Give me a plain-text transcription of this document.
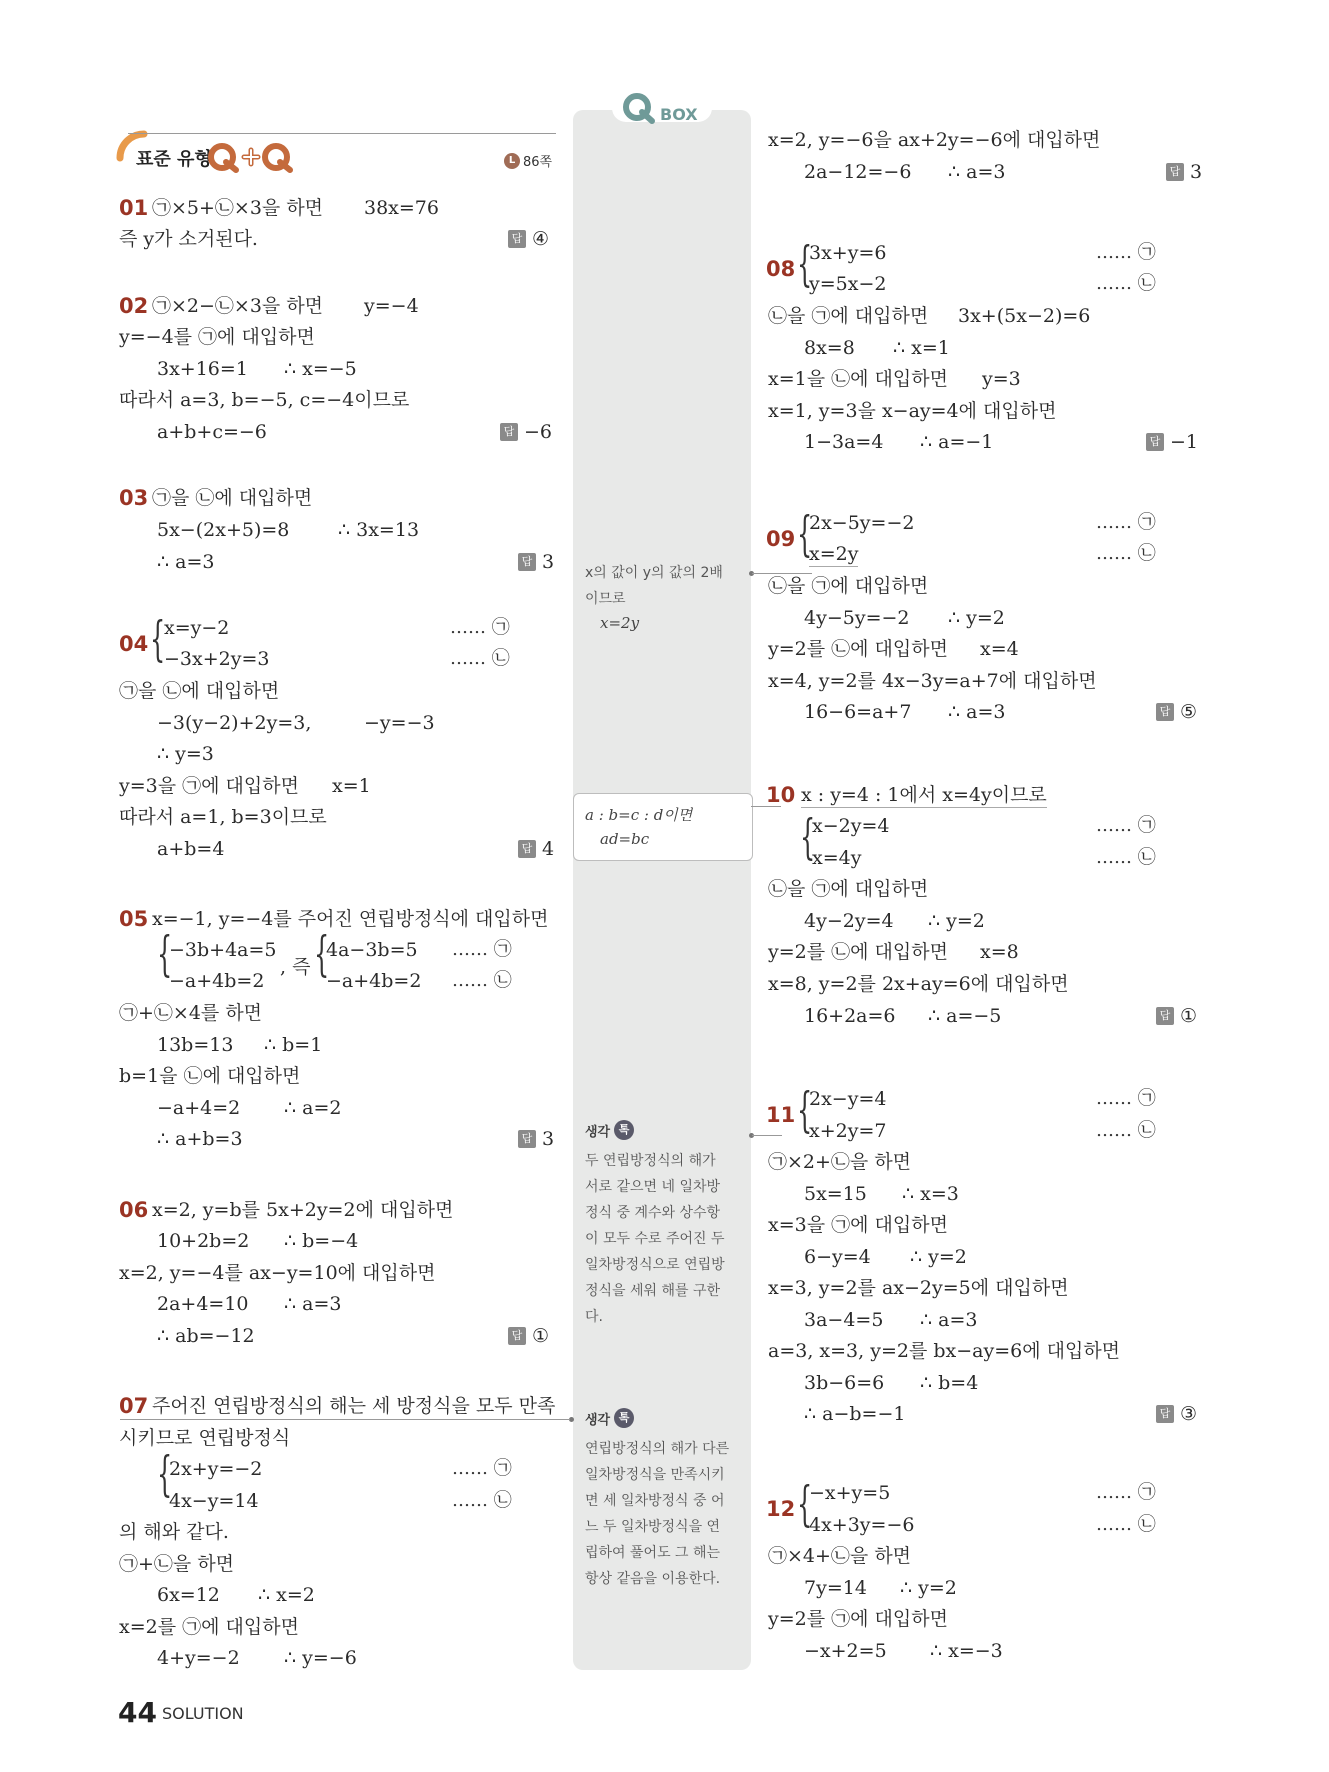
표준 유형	L 86쪽
BOX
x의 값이 y의 값의 2배
이므로
x=2y
a : b=c : d이면
ad=bc
생각 톡
두 연립방정식의 해가
서로 같으면 네 일차방
정식 중 계수와 상수항
이 모두 수로 주어진 두
일차방정식으로 연립방
정식을 세워 해를 구한
다.
생각 톡
연립방정식의 해가 다른
일차방정식을 만족시키
면 세 일차방정식 중 어
느 두 일차방정식을 연
립하여 풀어도 그 해는
항상 같음을 이용한다.
01 ㉠×5+㉡×3을 하면 38x=76
즉 y가 소거된다.	답 ④
02 ㉠×2−㉡×3을 하면 y=−4
y=−4를 ㉠에 대입하면
3x+16=1 ∴ x=−5
따라서 a=3, b=−5, c=−4이므로
a+b+c=−6	답 −6
03 ㉠을 ㉡에 대입하면
5x−(2x+5)=8	∴ 3x=13
∴ a=3	답 3
04 {
x=y−2
−3x+2y=3
…… ㉠
…… ㉡
㉠을 ㉡에 대입하면
−3(y−2)+2y=3,	−y=−3
∴ y=3
y=3을 ㉠에 대입하면 x=1
따라서 a=1, b=3이므로
a+b=4	답 4
05 x=−1, y=−4를 주어진 연립방정식에 대입하면
{
−3b+4a=5
−a+4b=2
, 즉 {
4a−3b=5
−a+4b=2
…… ㉠
…… ㉡
㉠+㉡×4를 하면
13b=13 ∴ b=1
b=1을 ㉡에 대입하면
−a+4=2 ∴ a=2
∴ a+b=3	답 3
06 x=2, y=b를 5x+2y=2에 대입하면
10+2b=2 ∴ b=−4
x=2, y=−4를 ax−y=10에 대입하면
2a+4=10 ∴ a=3
∴ ab=−12	답 ①
07 주어진 연립방정식의 해는 세 방정식을 모두 만족
시키므로 연립방정식
{
2x+y=−2
4x−y=14
…… ㉠
…… ㉡
의 해와 같다.
㉠+㉡을 하면
6x=12 ∴ x=2
x=2를 ㉠에 대입하면
4+y=−2 ∴ y=−6
x=2, y=−6을 ax+2y=−6에 대입하면
2a−12=−6 ∴ a=3	답 3
08 {
3x+y=6
y=5x−2
…… ㉠
…… ㉡
㉡을 ㉠에 대입하면 3x+(5x−2)=6
8x=8 ∴ x=1
x=1을 ㉡에 대입하면 y=3
x=1, y=3을 x−ay=4에 대입하면
1−3a=4 ∴ a=−1	답 −1
09 {
2x−5y=−2
x=2y
…… ㉠
…… ㉡
㉡을 ㉠에 대입하면
4y−5y=−2 ∴ y=2
y=2를 ㉡에 대입하면 x=4
x=4, y=2를 4x−3y=a+7에 대입하면
16−6=a+7 ∴ a=3	답 ⑤
10 x : y=4 : 1에서 x=4y이므로
{
x−2y=4
x=4y
…… ㉠
…… ㉡
㉡을 ㉠에 대입하면
4y−2y=4 ∴ y=2
y=2를 ㉡에 대입하면 x=8
x=8, y=2를 2x+ay=6에 대입하면
16+2a=6 ∴ a=−5	답 ①
11 {
2x−y=4
x+2y=7
…… ㉠
…… ㉡
㉠×2+㉡을 하면
5x=15 ∴ x=3
x=3을 ㉠에 대입하면
6−y=4 ∴ y=2
x=3, y=2를 ax−2y=5에 대입하면
3a−4=5 ∴ a=3
a=3, x=3, y=2를 bx−ay=6에 대입하면
3b−6=6 ∴ b=4
∴ a−b=−1	답 ③
12 {
−x+y=5
4x+3y=−6
…… ㉠
…… ㉡
㉠×4+㉡을 하면
7y=14 ∴ y=2
y=2를 ㉠에 대입하면
−x+2=5 ∴ x=−3
44 SOLUTION
